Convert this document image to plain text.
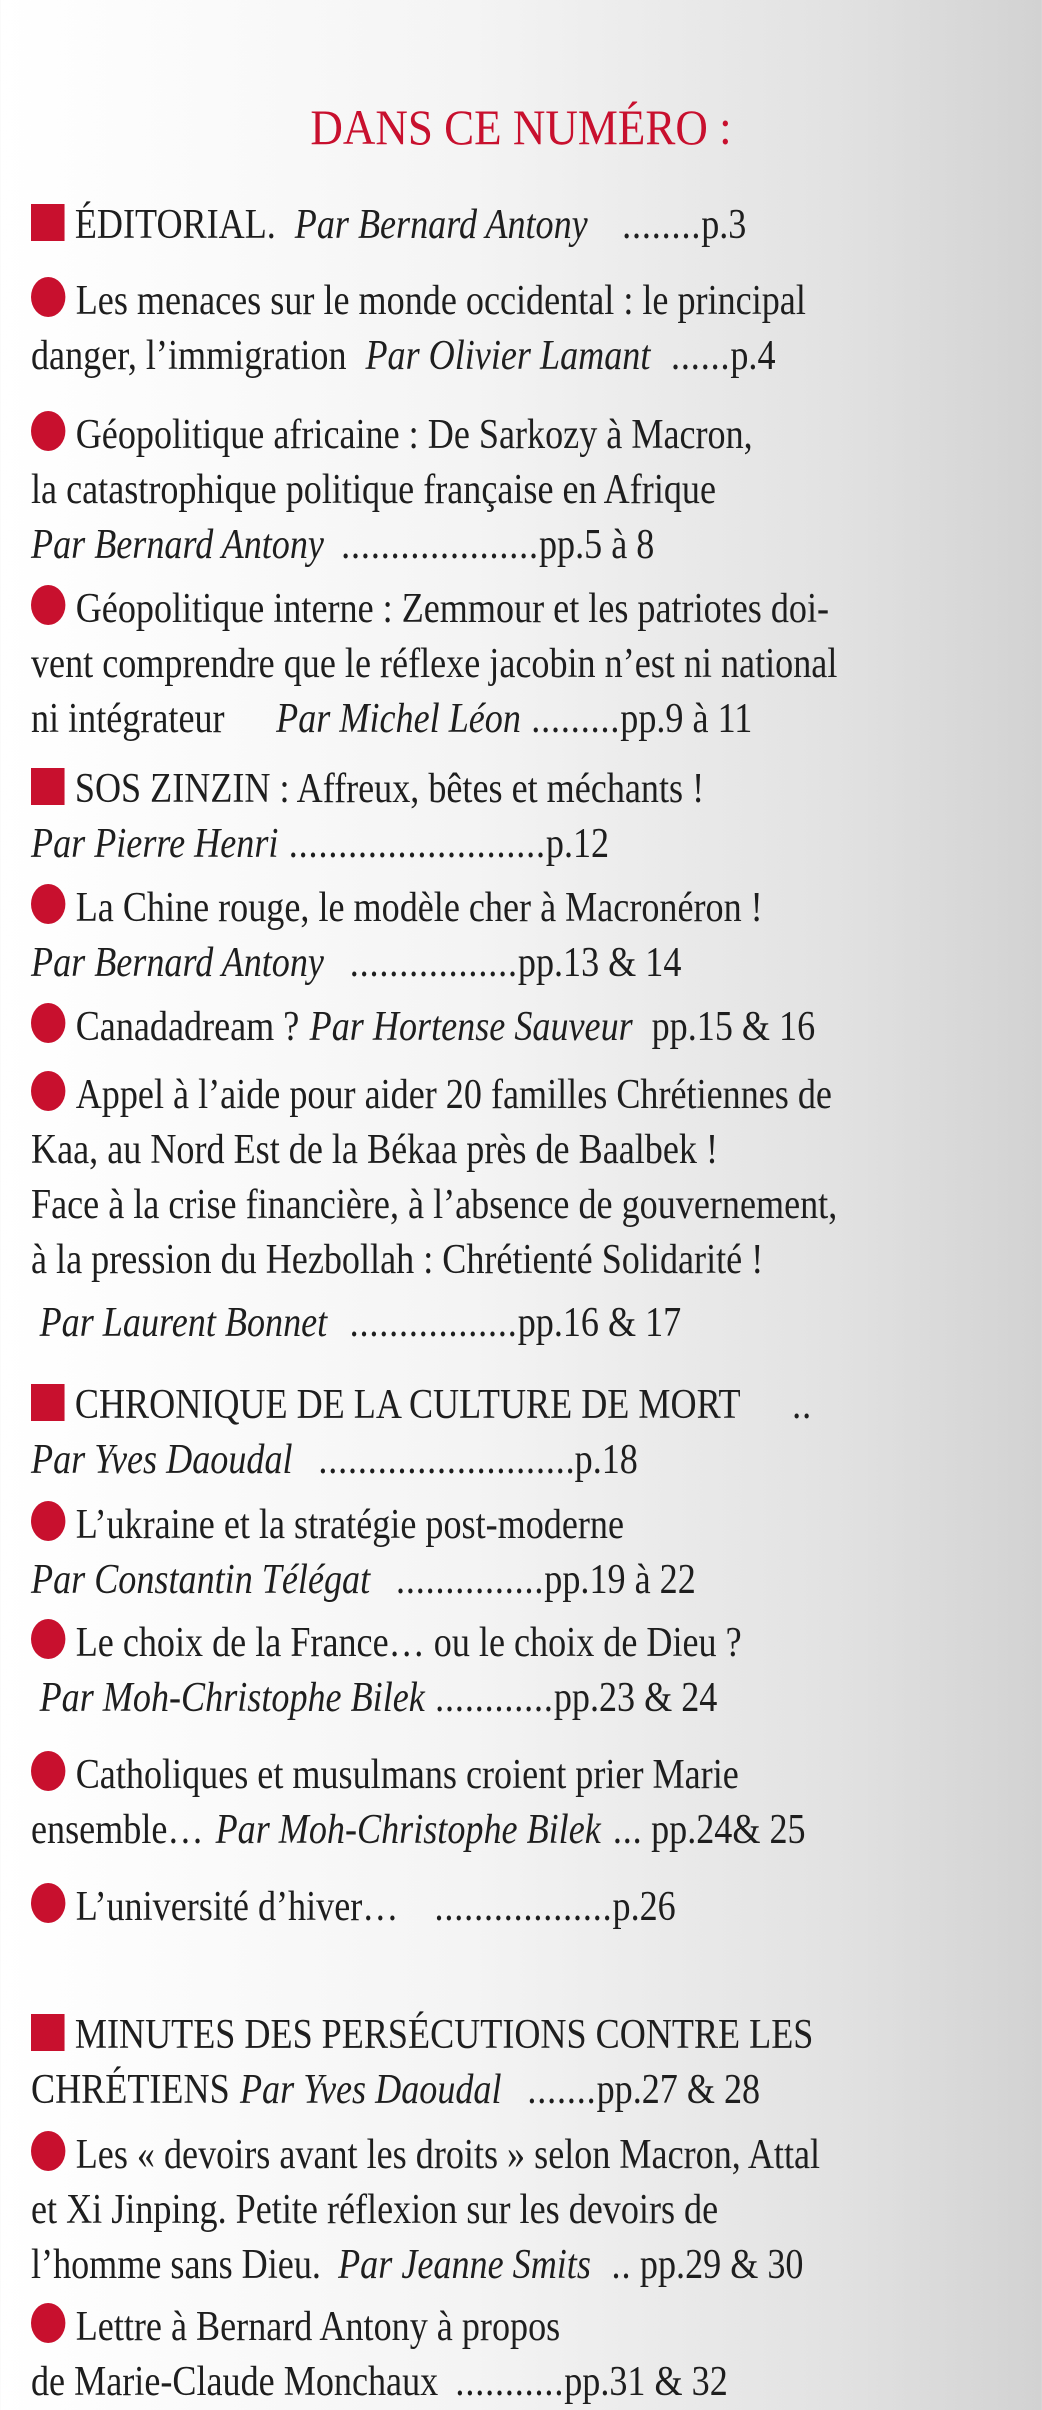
DANS CE NUMÉRO :
ÉDITORIAL. Par Bernard Antony ........p.3
Les menaces sur le monde occidental : le principal
danger, l’immigration Par Olivier Lamant ......p.4
Géopolitique africaine : De Sarkozy à Macron,
la catastrophique politique française en Afrique
Par Bernard Antony ....................pp.5 à 8
Géopolitique interne : Zemmour et les patriotes doi-
vent comprendre que le réflexe jacobin n’est ni national
ni intégrateur Par Michel Léon .........pp.9 à 11
SOS ZINZIN : Affreux, bêtes et méchants !
Par Pierre Henri ..........................p.12
La Chine rouge, le modèle cher à Macronéron !
Par Bernard Antony .................pp.13 & 14
Canadadream ? Par Hortense Sauveur pp.15 & 16
Appel à l’aide pour aider 20 familles Chrétiennes de
Kaa, au Nord Est de la Békaa près de Baalbek !
Face à la crise financière, à l’absence de gouvernement,
à la pression du Hezbollah : Chrétienté Solidarité !
Par Laurent Bonnet .................pp.16 & 17
CHRONIQUE DE LA CULTURE DE MORT ..
Par Yves Daoudal ..........................p.18
L’ukraine et la stratégie post-moderne
Par Constantin Télégat ...............pp.19 à 22
Le choix de la France… ou le choix de Dieu ?
Par Moh-Christophe Bilek ............pp.23 & 24
Catholiques et musulmans croient prier Marie
ensemble… Par Moh-Christophe Bilek ... pp.24& 25
L’université d’hiver… ..................p.26
MINUTES DES PERSÉCUTIONS CONTRE LES
CHRÉTIENS Par Yves Daoudal .......pp.27 & 28
Les « devoirs avant les droits » selon Macron, Attal
et Xi Jinping. Petite réflexion sur les devoirs de
l’homme sans Dieu. Par Jeanne Smits .. pp.29 & 30
Lettre à Bernard Antony à propos
de Marie-Claude Monchaux ...........pp.31 & 32
